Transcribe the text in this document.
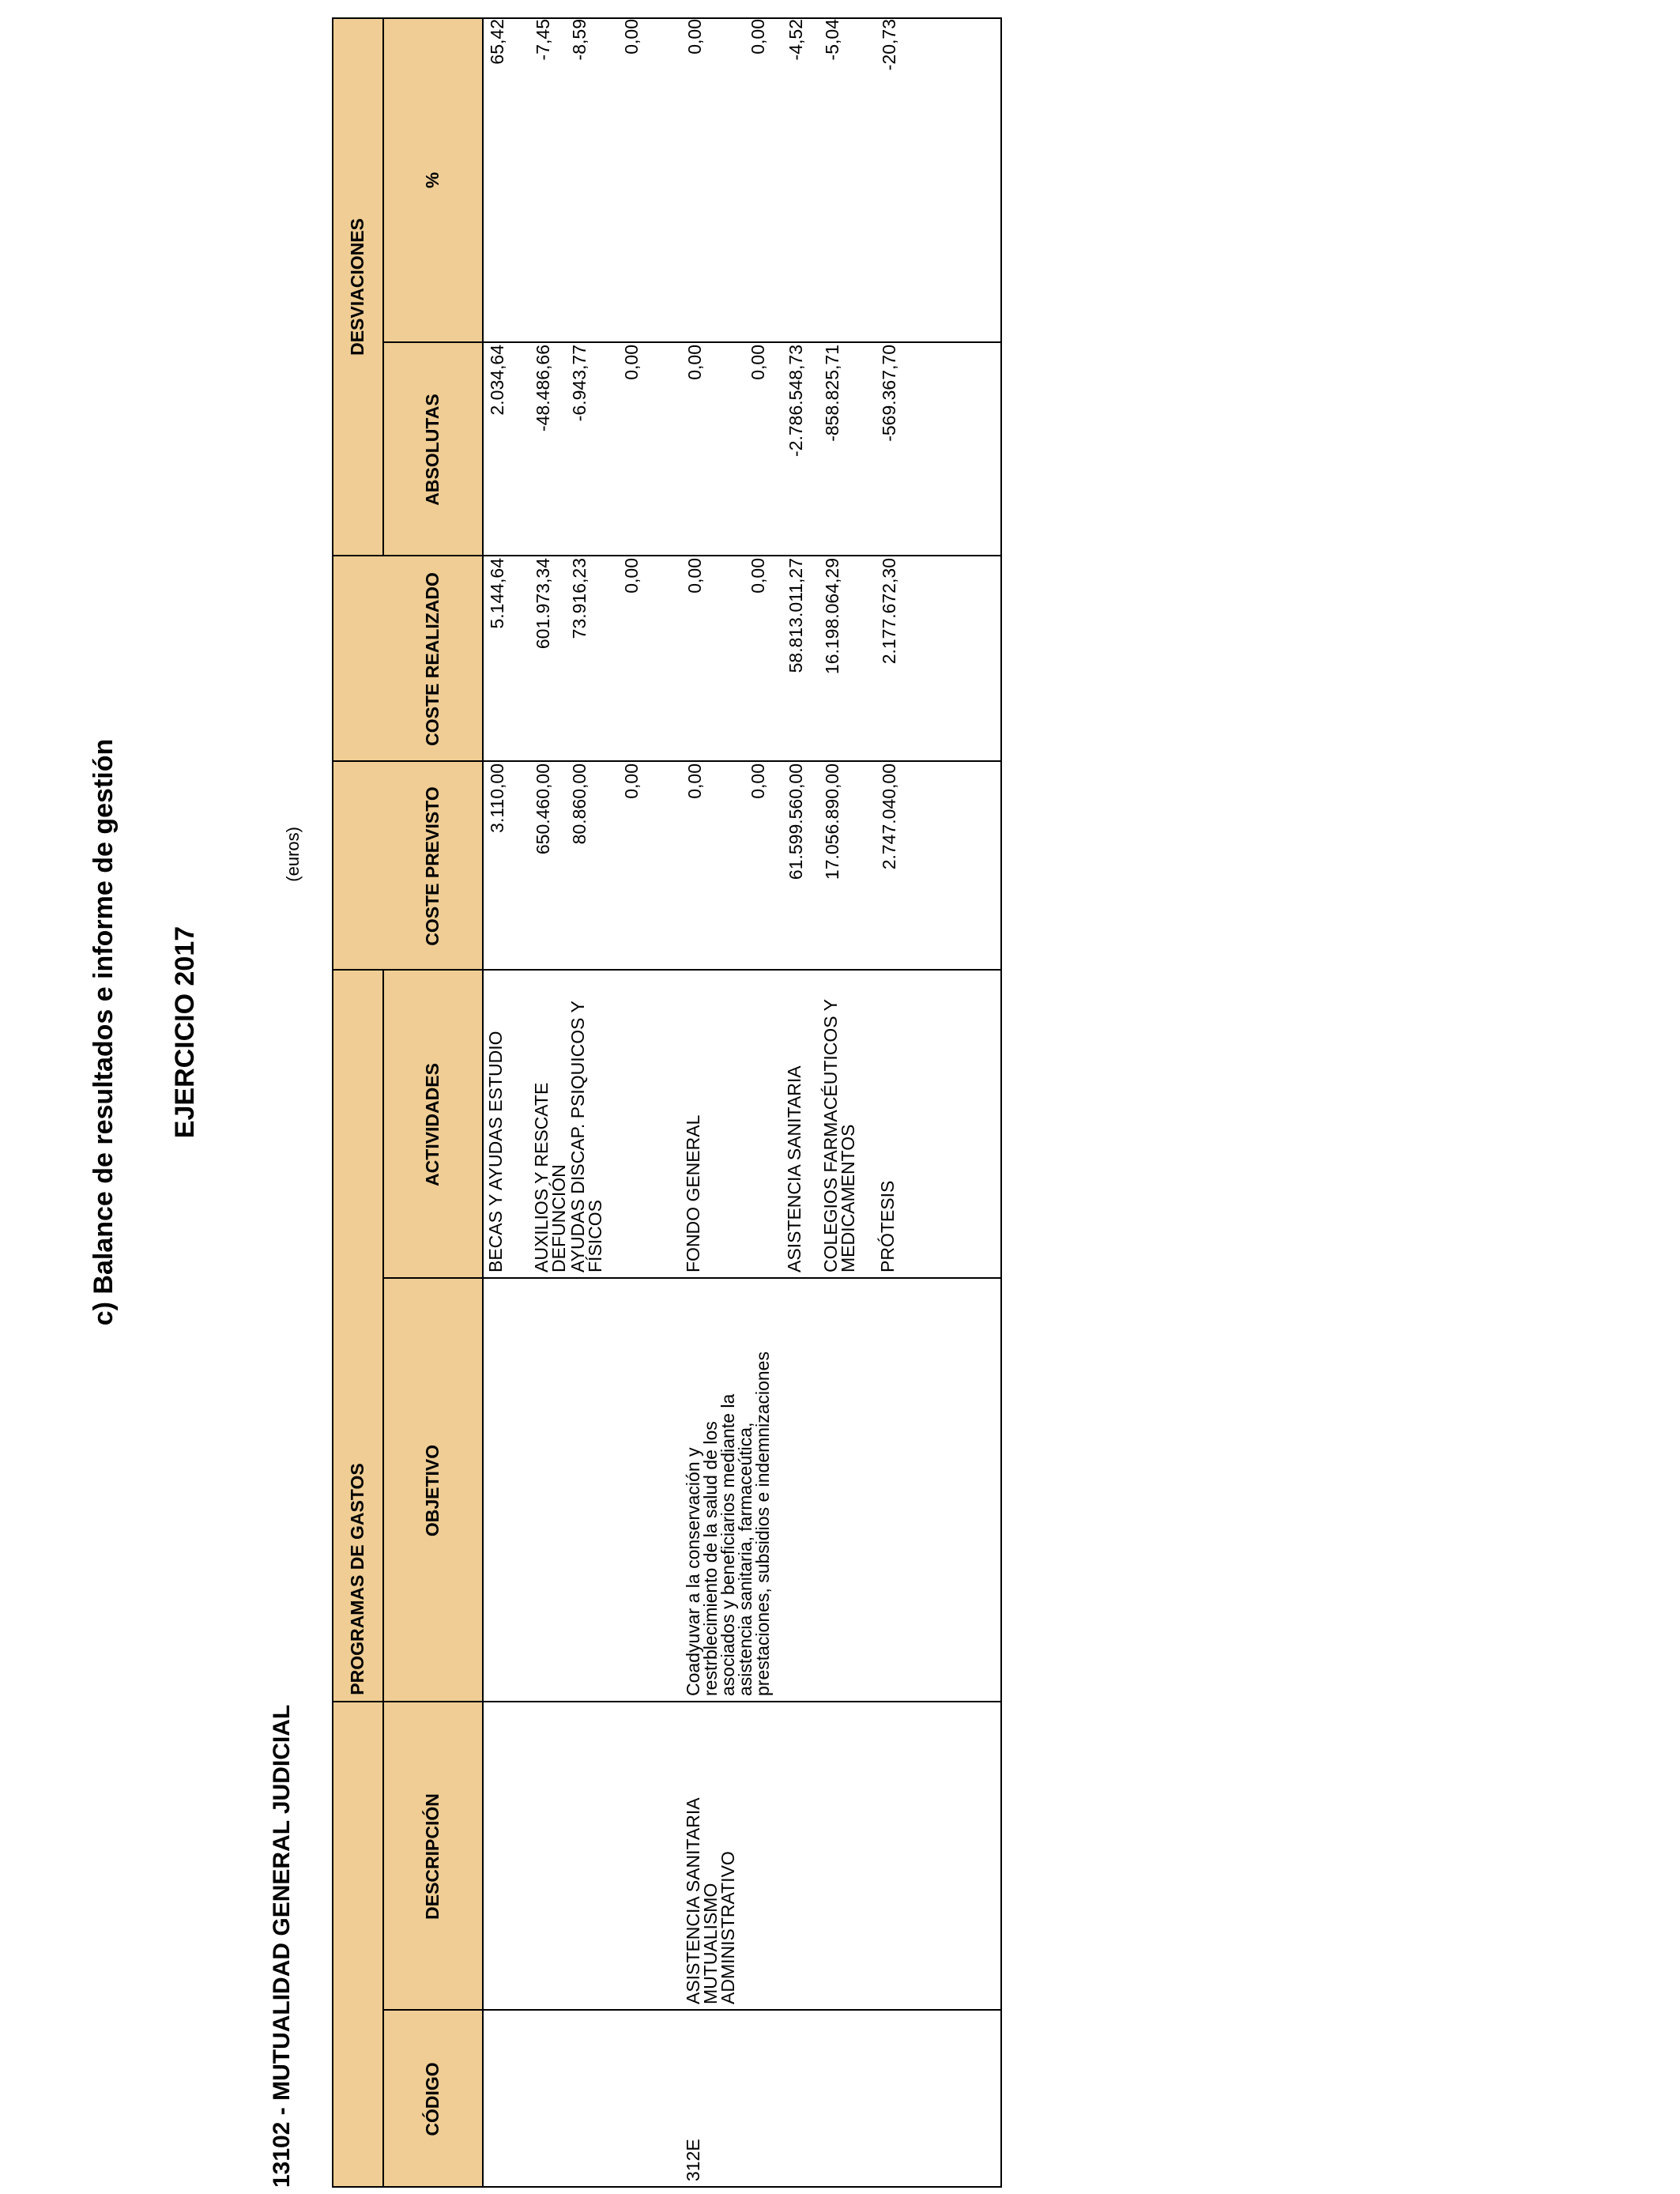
c) Balance de resultados e informe de gestión EJERCICIO 2017
13102 - MUTUALIDAD GENERAL JUDICIAL
(euros)
PROGRAMAS DE GASTOS
DESVIACIONES
CÓDIGO
DESCRIPCIÓN
OBJETIVO
ACTIVIDADES
COSTE PREVISTO
COSTE REALIZADO
ABSOLUTAS
%
312E
ASISTENCIA SANITARIA
MUTUALISMO
ADMINISTRATIVO
Coadyuvar a la conservación y
restrblecimiento de la salud de los
asociados y beneficiarios mediante la
asistencia sanitaria, farmaceútica,
prestaciones, subsidios e indemnizaciones
BECAS Y AYUDAS ESTUDIO
3.110,00
5.144,64
2.034,64
65,42
AUXILIOS Y RESCATE DEFUNCIÓN
650.460,00
601.973,34
-48.486,66
-7,45
AYUDAS DISCAP. PSIQUICOS Y
FÍSICOS
80.860,00
73.916,23
-6.943,77
-8,59
0,00
0,00
0,00
0,00
FONDO GENERAL
0,00
0,00
0,00
0,00
0,00
0,00
0,00
0,00
ASISTENCIA SANITARIA
61.599.560,00
58.813.011,27
-2.786.548,73
-4,52
COLEGIOS FARMACÉUTICOS Y
MEDICAMENTOS
17.056.890,00
16.198.064,29
-858.825,71
-5,04
PRÓTESIS
2.747.040,00
2.177.672,30
-569.367,70
-20,73
